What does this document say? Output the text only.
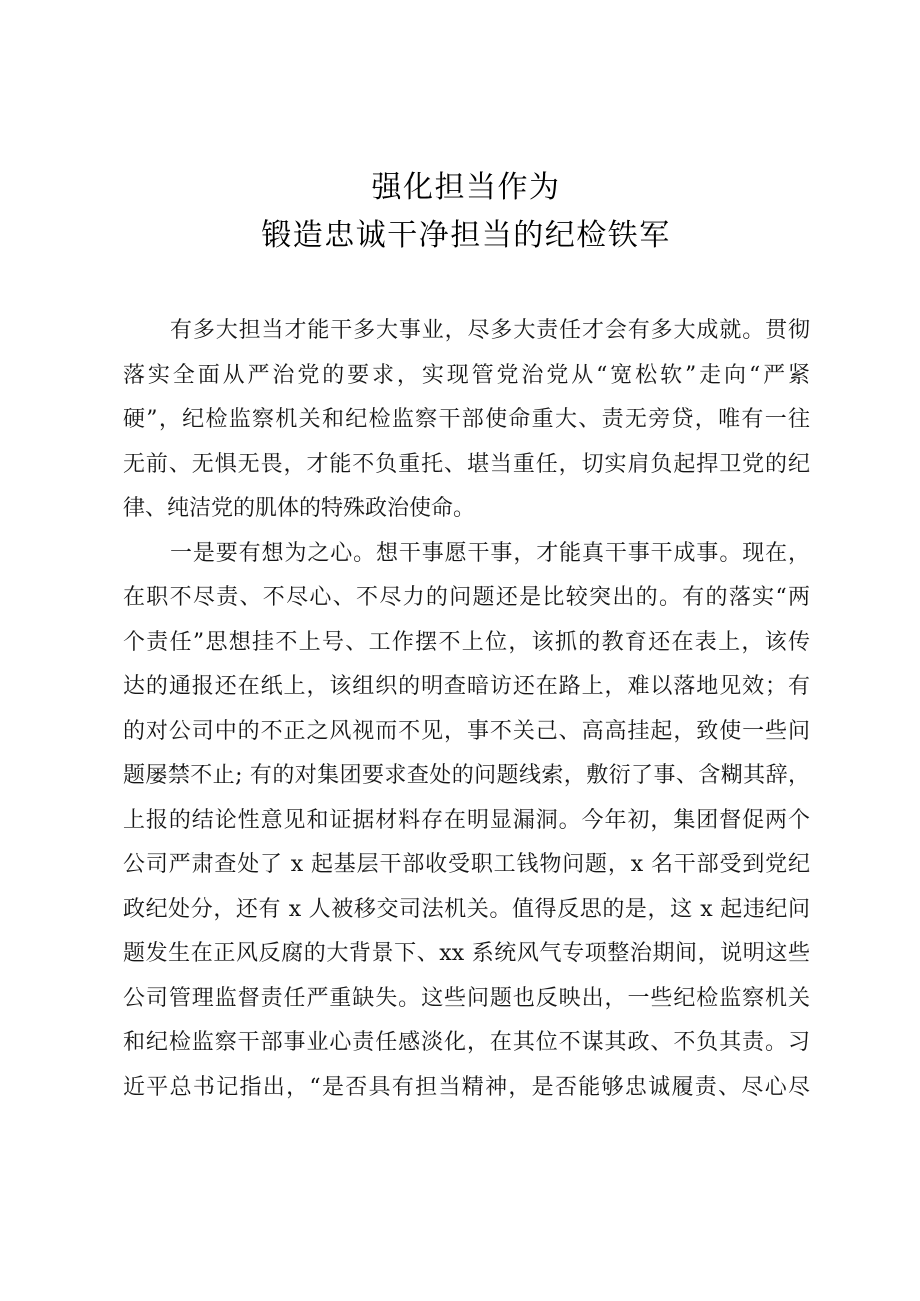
强化担当作为
锻造忠诚干净担当的纪检铁军
有多大担当才能干多大事业，尽多大责任才会有多大成就。贯彻
落实全面从严治党的要求，实现管党治党从“宽松软”走向“严紧
硬”，纪检监察机关和纪检监察干部使命重大、责无旁贷，唯有一往
无前、无惧无畏，才能不负重托、堪当重任，切实肩负起捍卫党的纪
律、纯洁党的肌体的特殊政治使命。
一是要有想为之心。想干事愿干事，才能真干事干成事。现在，
在职不尽责、不尽心、不尽力的问题还是比较突出的。有的落实“两
个责任”思想挂不上号、工作摆不上位，该抓的教育还在表上，该传
达的通报还在纸上，该组织的明查暗访还在路上，难以落地见效；有
的对公司中的不正之风视而不见，事不关己、高高挂起，致使一些问
题屡禁不止; 有的对集团要求查处的问题线索，敷衍了事、含糊其辞，
上报的结论性意见和证据材料存在明显漏洞。今年初，集团督促两个
公司严肃查处了 x 起基层干部收受职工钱物问题，x 名干部受到党纪
政纪处分，还有 x 人被移交司法机关。值得反思的是，这 x 起违纪问
题发生在正风反腐的大背景下、xx 系统风气专项整治期间，说明这些
公司管理监督责任严重缺失。这些问题也反映出，一些纪检监察机关
和纪检监察干部事业心责任感淡化，在其位不谋其政、不负其责。习
近平总书记指出，“是否具有担当精神，是否能够忠诚履责、尽心尽
